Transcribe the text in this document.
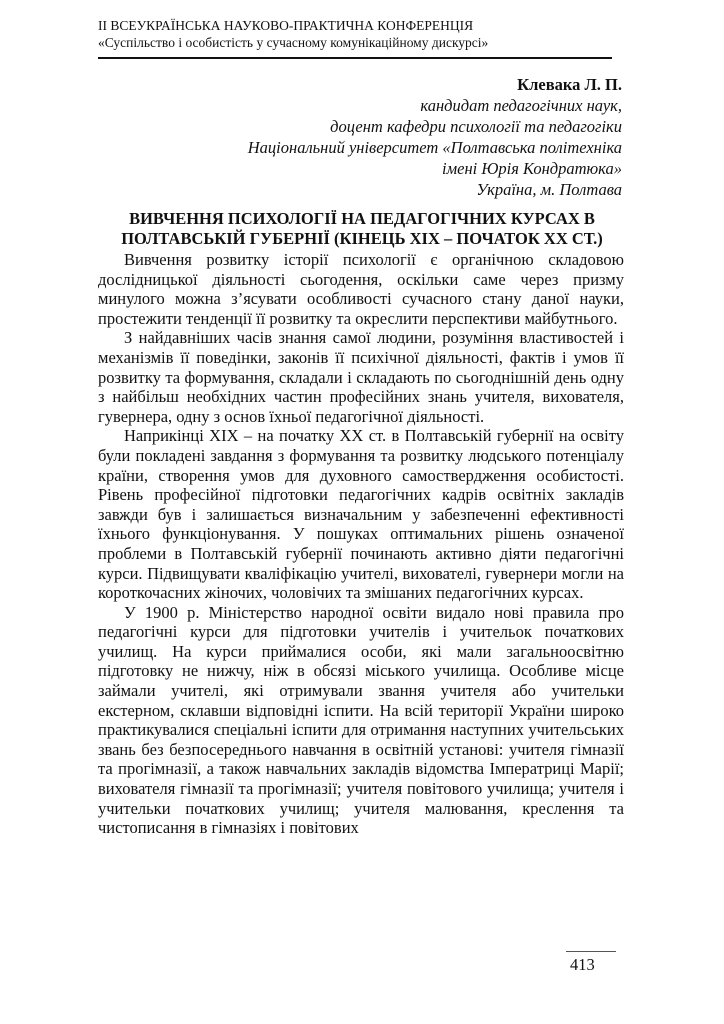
ІІ ВСЕУКРАЇНСЬКА НАУКОВО-ПРАКТИЧНА КОНФЕРЕНЦІЯ
«Суспільство і особистість у сучасному комунікаційному дискурсі»
Клевака Л. П.
кандидат педагогічних наук,
доцент кафедри психології та педагогіки
Національний університет «Полтавська політехніка
імені Юрія Кондратюка»
Україна, м. Полтава
ВИВЧЕННЯ ПСИХОЛОГІЇ НА ПЕДАГОГІЧНИХ КУРСАХ В
ПОЛТАВСЬКІЙ ГУБЕРНІЇ (КІНЕЦЬ ХІХ – ПОЧАТОК ХХ СТ.)

Вивчення розвитку історії психології є органічною складовою дослідницької діяльності сьогодення, оскільки саме через призму минулого можна з’ясувати особливості сучасного стану даної науки, простежити тенденції її розвитку та окреслити перспективи майбутнього.

З найдавніших часів знання самої людини, розуміння властивостей і механізмів її поведінки, законів її психічної діяльності, фактів і умов її розвитку та формування, складали і складають по сьогоднішній день одну з найбільш необхідних частин професійних знань учителя, вихователя, гувернера, одну з основ їхньої педагогічної діяльності.

Наприкінці ХІХ – на початку ХХ ст. в Полтавській губернії на освіту були покладені завдання з формування та розвитку людського потенціалу країни, створення умов для духовного самоствердження особистості. Рівень професійної підготовки педагогічних кадрів освітніх закладів завжди був і залишається визначальним у забезпеченні ефективності їхнього функціонування. У пошуках оптимальних рішень означеної проблеми в Полтавській губернії починають активно діяти педагогічні курси. Підвищувати кваліфікацію учителі, вихователі, гувернери могли на короткочасних жіночих, чоловічих та змішаних педагогічних курсах.

У 1900 р. Міністерство народної освіти видало нові правила про педагогічні курси для підготовки учителів і учительок початкових училищ. На курси приймалися особи, які мали загальноосвітню підготовку не нижчу, ніж в обсязі міського училища. Особливе місце займали учителі, які отримували звання учителя або учительки екстерном, склавши відповідні іспити. На всій території України широко практикувалися спеціальні іспити для отримання наступних учительських звань без безпосереднього навчання в освітній установі: учителя гімназії та прогімназії, а також навчальних закладів відомства Імператриці Марії; вихователя гімназії та прогімназії; учителя повітового училища; учителя і учительки початкових училищ; учителя малювання, креслення та чистописання в гімназіях і повітових

413
